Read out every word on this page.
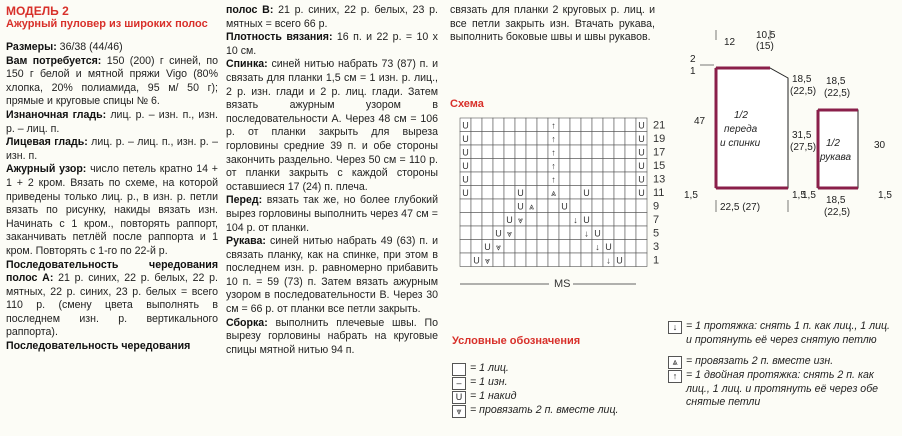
МОДЕЛЬ 2
Ажурный пуловер из широких полос

Размеры: 36/38 (44/46)

Вам потребуется: 150 (200) г синей, по 150 г белой и мятной пряжи Vigo (80% хлопка, 20% полиамида, 95 м/ 50 г); прямые и круговые спицы № 6.

Изнаночная гладь: лиц. р. – изн. п., изн. р. – лиц. п.

Лицевая гладь: лиц. р. – лиц. п., изн. р. – изн. п.

Ажурный узор: число петель кратно 14 + 1 + 2 кром. Вязать по схеме, на которой приведены только лиц. р., в изн. р. петли вязать по рисунку, накиды вязать изн. Начинать с 1 кром., повторять раппорт, заканчивать петлёй после раппорта и 1 кром. Повторять с 1-го по 22-й р.

Последовательность чередования полос A: 21 р. синих, 22 р. белых, 22 р. мятных, 22 р. синих, 23 р. белых = всего 110 р. (смену цвета выполнять в последнем изн. р. вертикального раппорта).

Последовательность чередования

полос B: 21 р. синих, 22 р. белых, 23 р. мятных = всего 66 р.

Плотность вязания: 16 п. и 22 р. = 10 х 10 см.

Спинка: синей нитью набрать 73 (87) п. и связать для планки 1,5 см = 1 изн. р. лиц., 2 р. изн. глади и 2 р. лиц. глади. Затем вязать ажурным узором в последовательности A. Через 48 см = 106 р. от планки закрыть для выреза горловины средние 39 п. и обе стороны закончить раздельно. Через 50 см = 110 р. от планки закрыть с каждой стороны оставшиеся 17 (24) п. плеча.

Перед: вязать так же, но более глубокий вырез горловины выполнить через 47 см = 104 р. от планки.

Рукава: синей нитью набрать 49 (63) п. и связать планку, как на спинке, при этом в последнем изн. р. равномерно прибавить 10 п. = 59 (73) п. Затем вязать ажурным узором в последовательности B. Через 30 см = 66 р. от планки все петли закрыть.

Сборка: выполнить плечевые швы. По вырезу горловины набрать на круговые спицы мятной нитью 94 п.

связать для планки 2 круговых р. лиц. и все петли закрыть изн. Втачать рукава, выполнить боковые швы и швы рукавов.

Схема
U	↑	U
U	↑	U
U	↑	U
U	↑	U
U	↑	U
U	U	⩓	U	U
U ⩓	U
U ⩔	↓ U
U ⩔	↓ U
U ⩔	↓ U
U ⩔	↓ U
21
19
17
15
13
11
9
7
5
3
1
MS
Условные обозначения
= 1 лиц.
– = 1 изн.
U = 1 накид
⩔ = провязать 2 п. вместе лиц.
↓ = 1 протяжка: снять 1 п. как лиц., 1 лиц. и протянуть её через снятую петлю
⩓ = провязать 2 п. вместе изн.
↑ = 1 двойная протяжка: снять 2 п. как лиц., 1 лиц. и протянуть её через обе снятые петли
1/2
переда
и спинки
12
10,5
(15)
2
1
47
18,5
(22,5)
31,5
(27,5)
22,5 (27)
1,5	1,5
1/2
рукава
18,5
(22,5)
30
18,5
(22,5)
1,5	1,5
